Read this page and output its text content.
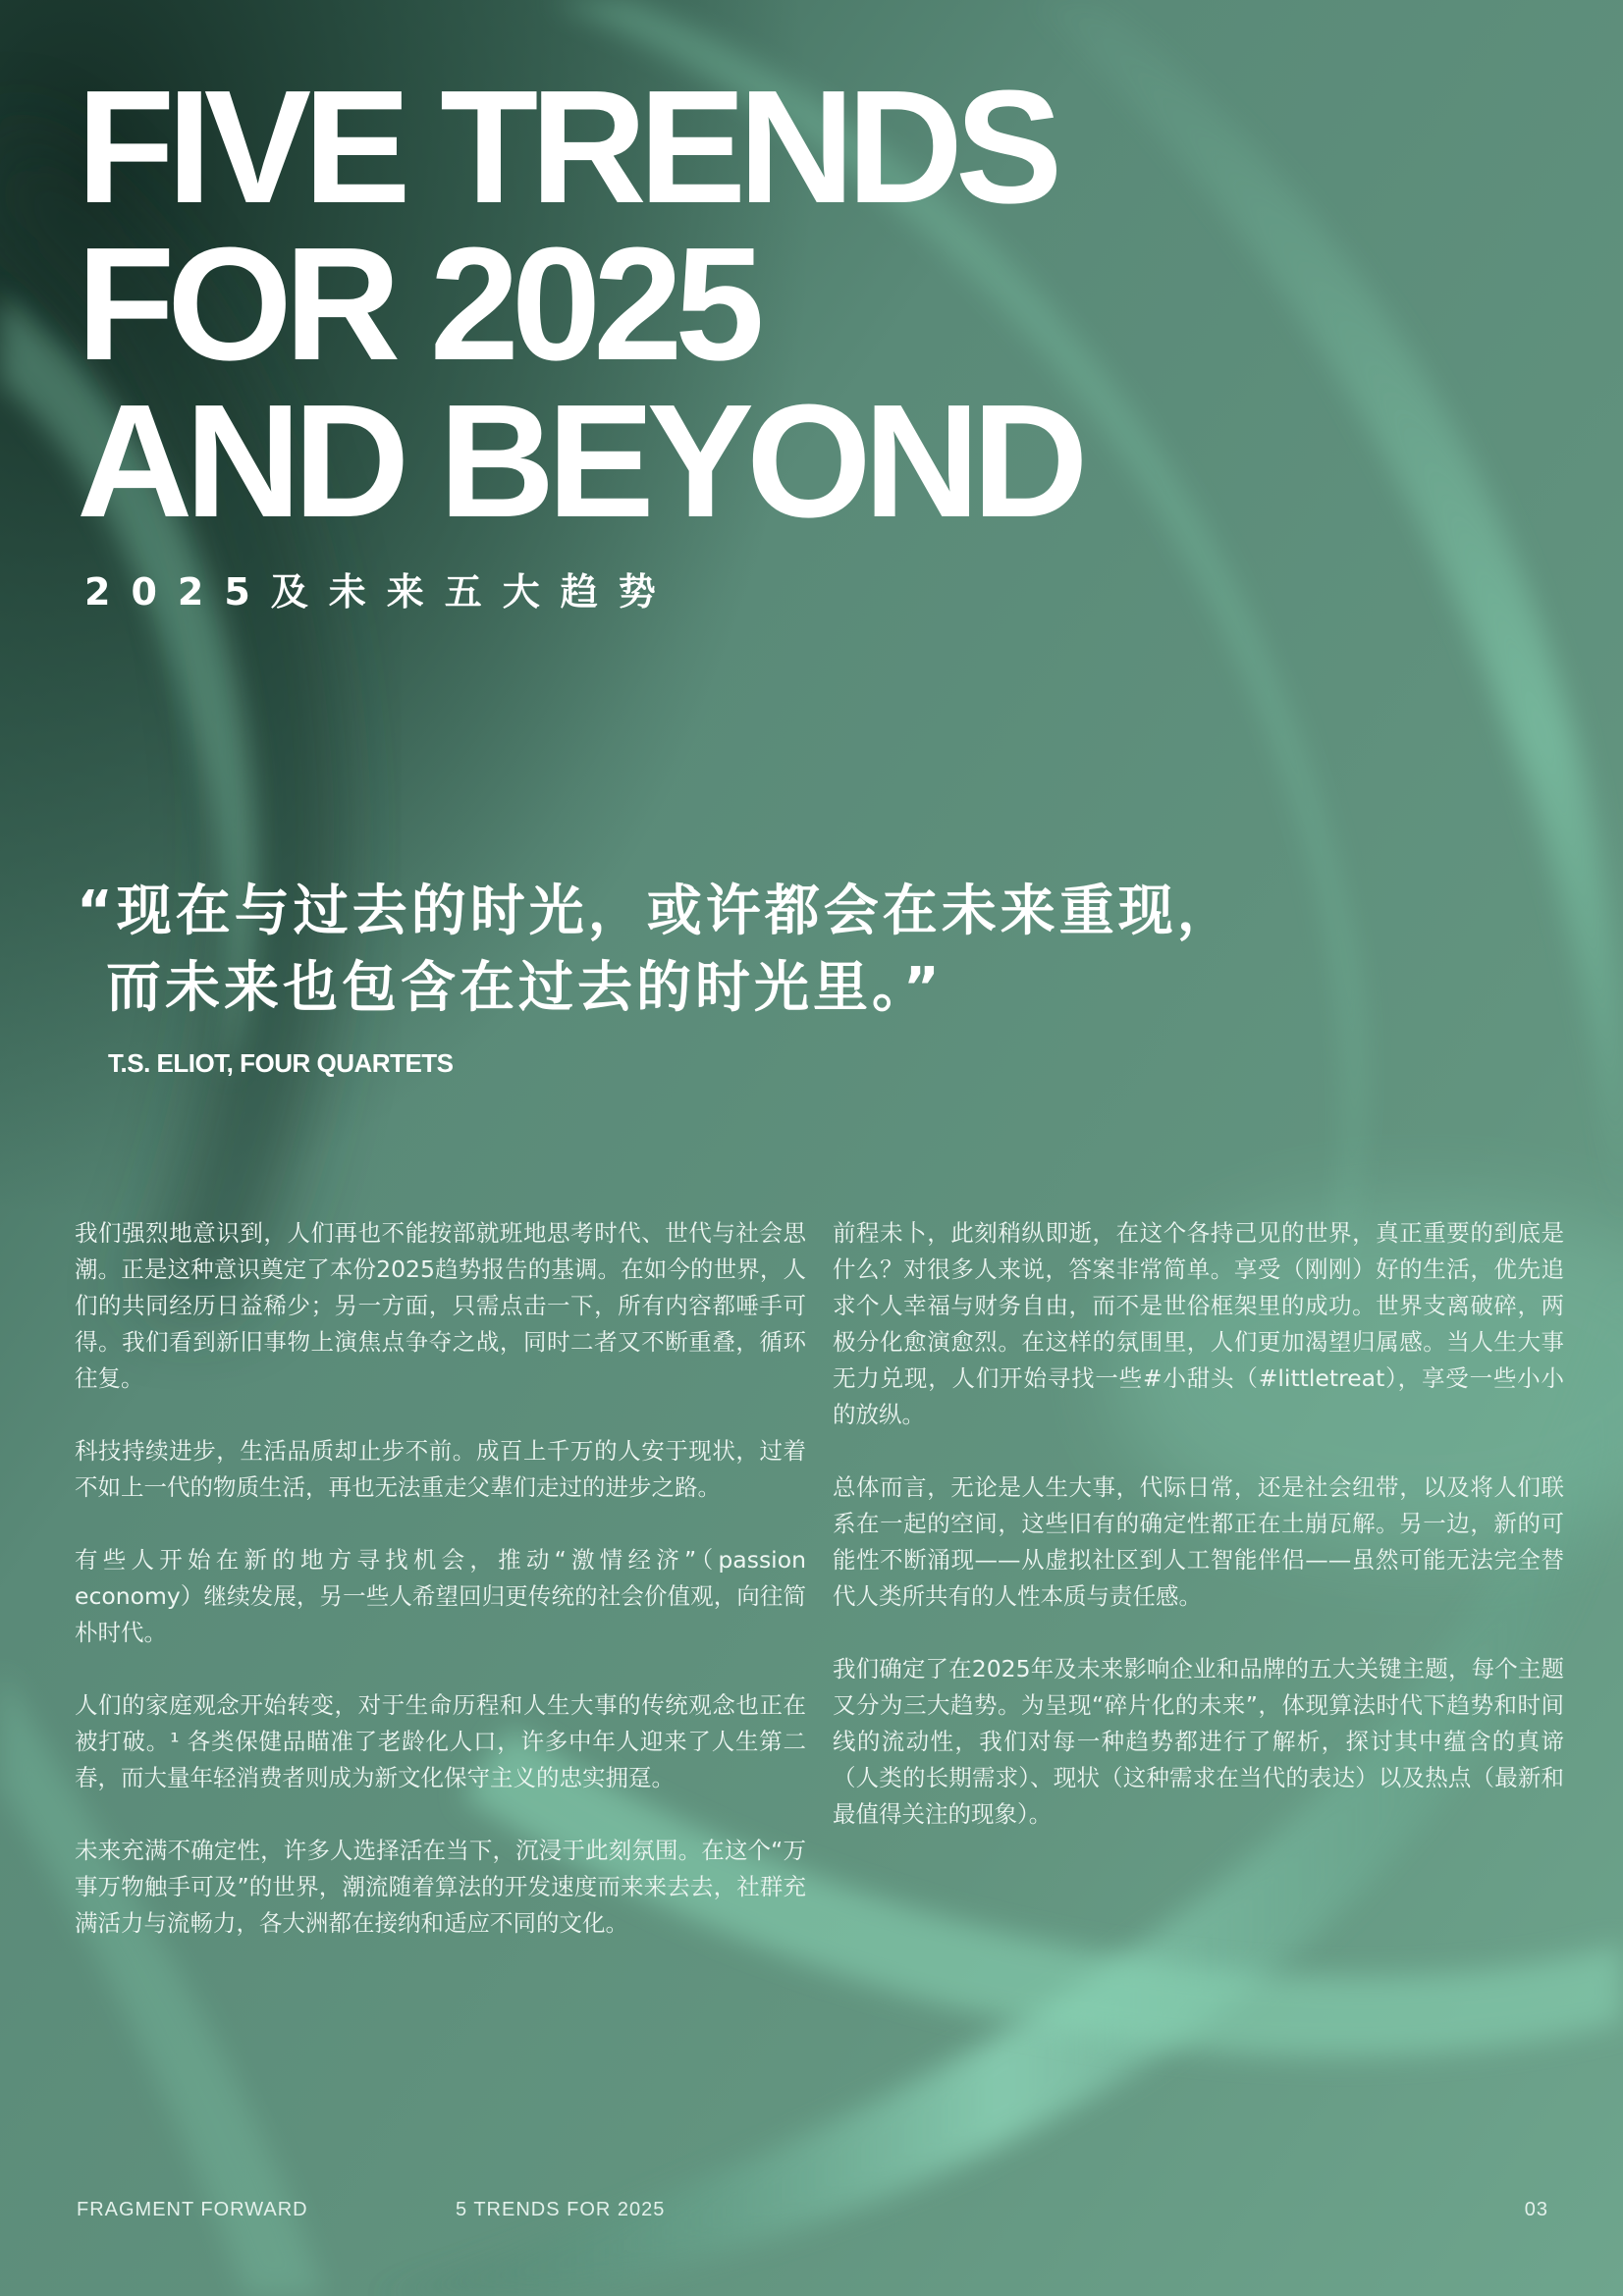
FIVE TRENDS
FOR 2025
AND BEYOND
2025及未来五大趋势
“现在与过去的时光，或许都会在未来重现，
而未来也包含在过去的时光里。”
T.S. ELIOT, FOUR QUARTETS

我们强烈地意识到，人们再也不能按部就班地思考时代、世代与社会思潮。正是这种意识奠定了本份2025趋势报告的基调。在如今的世界，人们的共同经历日益稀少；另一方面，只需点击一下，所有内容都唾手可得。我们看到新旧事物上演焦点争夺之战，同时二者又不断重叠，循环往复。

科技持续进步，生活品质却止步不前。成百上千万的人安于现状，过着不如上一代的物质生活，再也无法重走父辈们走过的进步之路。

有些人开始在新的地方寻找机会，推动“激情经济”（passion economy）继续发展，另一些人希望回归更传统的社会价值观，向往简朴时代。

人们的家庭观念开始转变，对于生命历程和人生大事的传统观念也正在被打破。¹ 各类保健品瞄准了老龄化人口，许多中年人迎来了人生第二春，而大量年轻消费者则成为新文化保守主义的忠实拥趸。

未来充满不确定性，许多人选择活在当下，沉浸于此刻氛围。在这个“万事万物触手可及”的世界，潮流随着算法的开发速度而来来去去，社群充满活力与流畅力，各大洲都在接纳和适应不同的文化。

前程未卜，此刻稍纵即逝，在这个各持己见的世界，真正重要的到底是什么？对很多人来说，答案非常简单。享受（刚刚）好的生活，优先追求个人幸福与财务自由，而不是世俗框架里的成功。世界支离破碎，两极分化愈演愈烈。在这样的氛围里，人们更加渴望归属感。当人生大事无力兑现，人们开始寻找一些#小甜头（#littletreat），享受一些小小的放纵。

总体而言，无论是人生大事，代际日常，还是社会纽带，以及将人们联系在一起的空间，这些旧有的确定性都正在土崩瓦解。另一边，新的可能性不断涌现——从虚拟社区到人工智能伴侣——虽然可能无法完全替代人类所共有的人性本质与责任感。

我们确定了在2025年及未来影响企业和品牌的五大关键主题，每个主题又分为三大趋势。为呈现“碎片化的未来”，体现算法时代下趋势和时间线的流动性，我们对每一种趋势都进行了解析，探讨其中蕴含的真谛（人类的长期需求）、现状（这种需求在当代的表达）以及热点（最新和最值得关注的现象）。

FRAGMENT FORWARD	5 TRENDS FOR 2025	03
